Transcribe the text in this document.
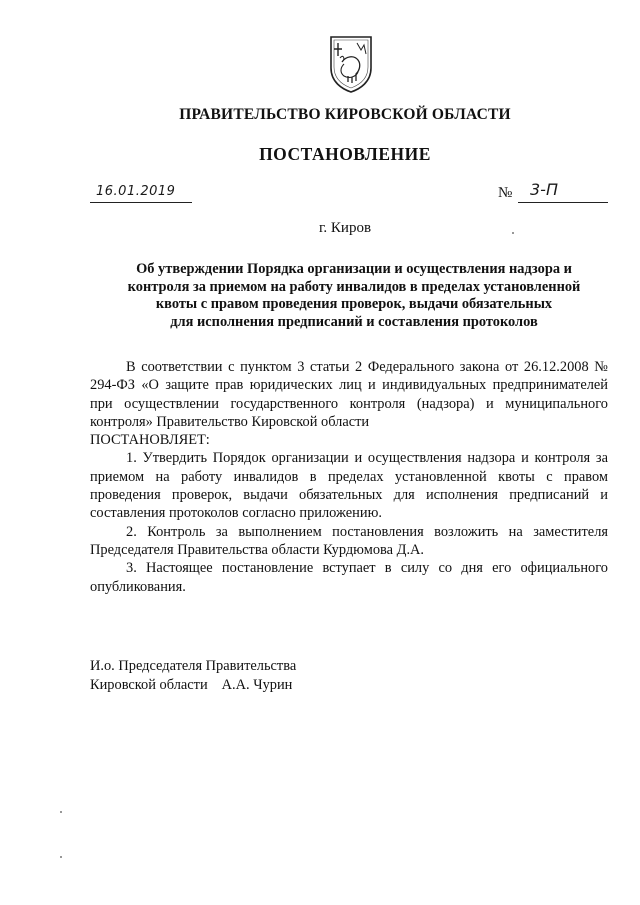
ПРАВИТЕЛЬСТВО КИРОВСКОЙ ОБЛАСТИ
ПОСТАНОВЛЕНИЕ
16.01.2019	№ 3-П
г. Киров
Об утверждении Порядка организации и осуществления надзора и
контроля за приемом на работу инвалидов в пределах установленной
квоты с правом проведения проверок, выдачи обязательных
для исполнения предписаний и составления протоколов

В соответствии с пунктом 3 статьи 2 Федерального закона от 26.12.2008 № 294-ФЗ «О защите прав юридических лиц и индивидуальных предпринимателей при осуществлении государственного контроля (надзора) и муниципального контроля» Правительство Кировской области

ПОСТАНОВЛЯЕТ:

1. Утвердить Порядок организации и осуществления надзора и контроля за приемом на работу инвалидов в пределах установленной квоты с правом проведения проверок, выдачи обязательных для исполнения предписаний и составления протоколов согласно приложению.

2. Контроль за выполнением постановления возложить на заместителя Председателя Правительства области Курдюмова Д.А.

3. Настоящее постановление вступает в силу со дня его официального опубликования.

И.о. Председателя Правительства
Кировской области А.А. Чурин
